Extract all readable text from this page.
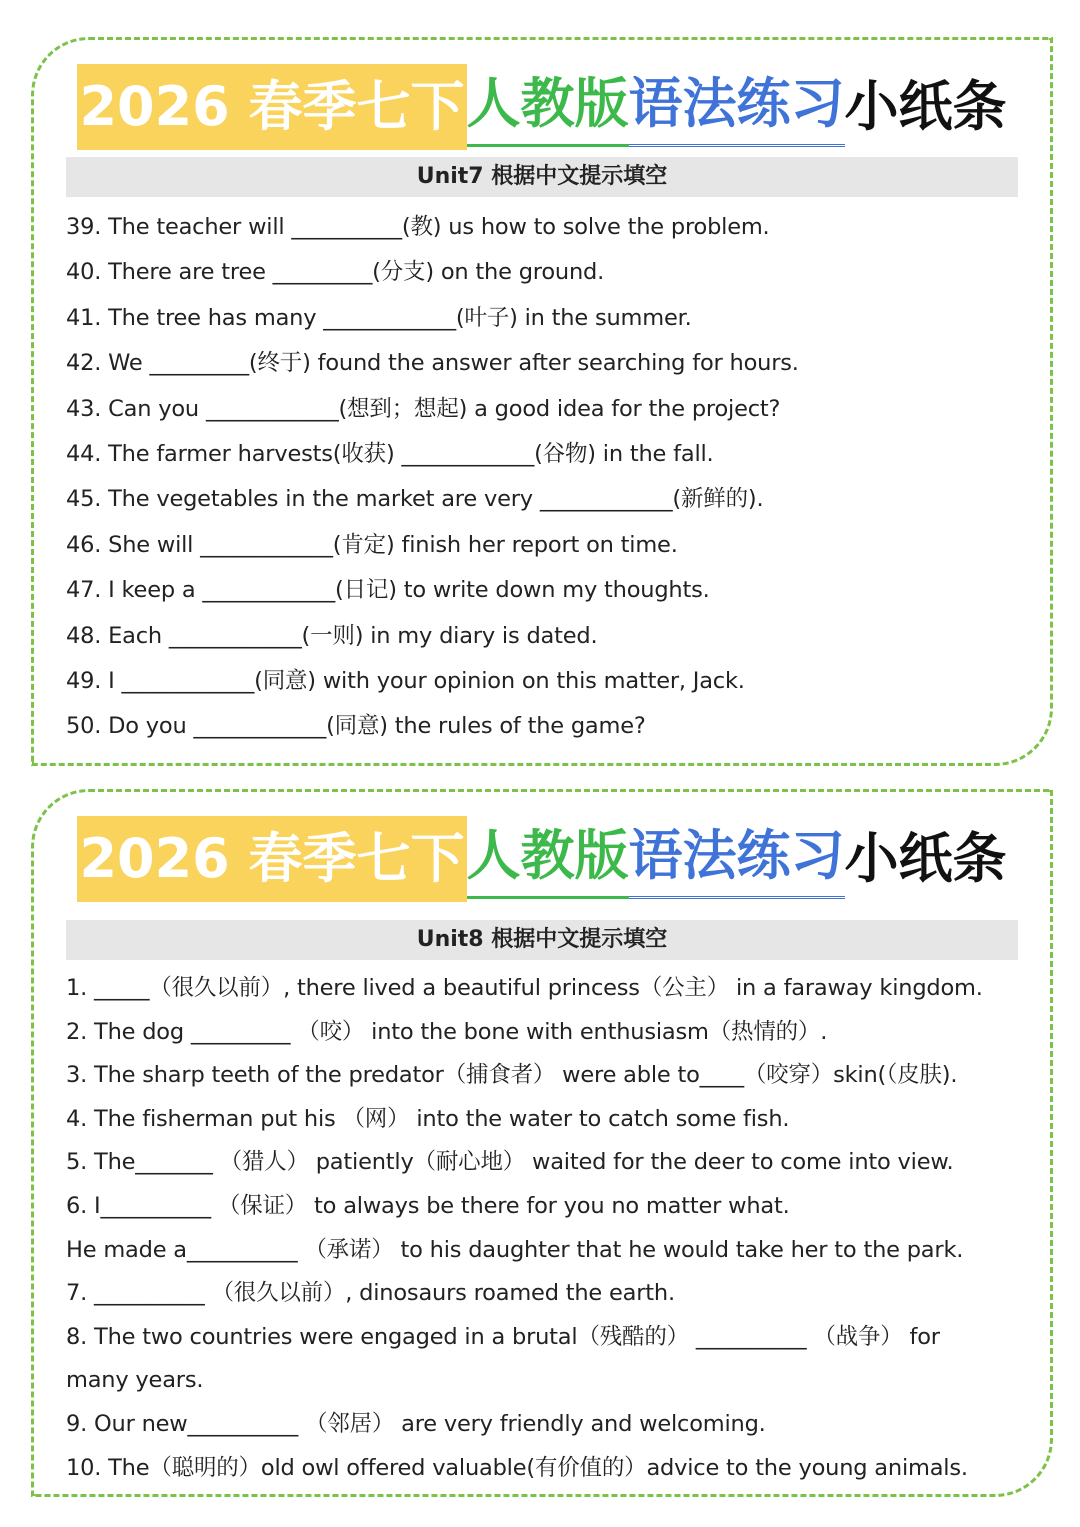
2026 春季七下人教版语法练习小纸条
Unit7 根据中文提示填空
39. The teacher will __________(教) us how to solve the problem.
40. There are tree _________(分支) on the ground.
41. The tree has many ____________(叶子) in the summer.
42. We _________(终于) found the answer after searching for hours.
43. Can you ____________(想到；想起) a good idea for the project?
44. The farmer harvests(收获) ____________(谷物) in the fall.
45. The vegetables in the market are very ____________(新鲜的).
46. She will ____________(肯定) finish her report on time.
47. I keep a ____________(日记) to write down my thoughts.
48. Each ____________(一则) in my diary is dated.
49. I ____________(同意) with your opinion on this matter, Jack.
50. Do you ____________(同意) the rules of the game?
2026 春季七下人教版语法练习小纸条
Unit8 根据中文提示填空
1. _____（很久以前）, there lived a beautiful princess（公主） in a faraway kingdom.
2. The dog _________ （咬） into the bone with enthusiasm（热情的）.
3. The sharp teeth of the predator（捕食者） were able to____（咬穿）skin(（皮肤).
4. The fisherman put his （网） into the water to catch some fish.
5. The_______ （猎人） patiently（耐心地） waited for the deer to come into view.
6. I__________ （保证） to always be there for you no matter what.
He made a__________ （承诺） to his daughter that he would take her to the park.
7. __________ （很久以前）, dinosaurs roamed the earth.
8. The two countries were engaged in a brutal（残酷的） __________ （战争） for
many years.
9. Our new__________ （邻居） are very friendly and welcoming.
10. The（聪明的）old owl offered valuable(有价值的）advice to the young animals.
